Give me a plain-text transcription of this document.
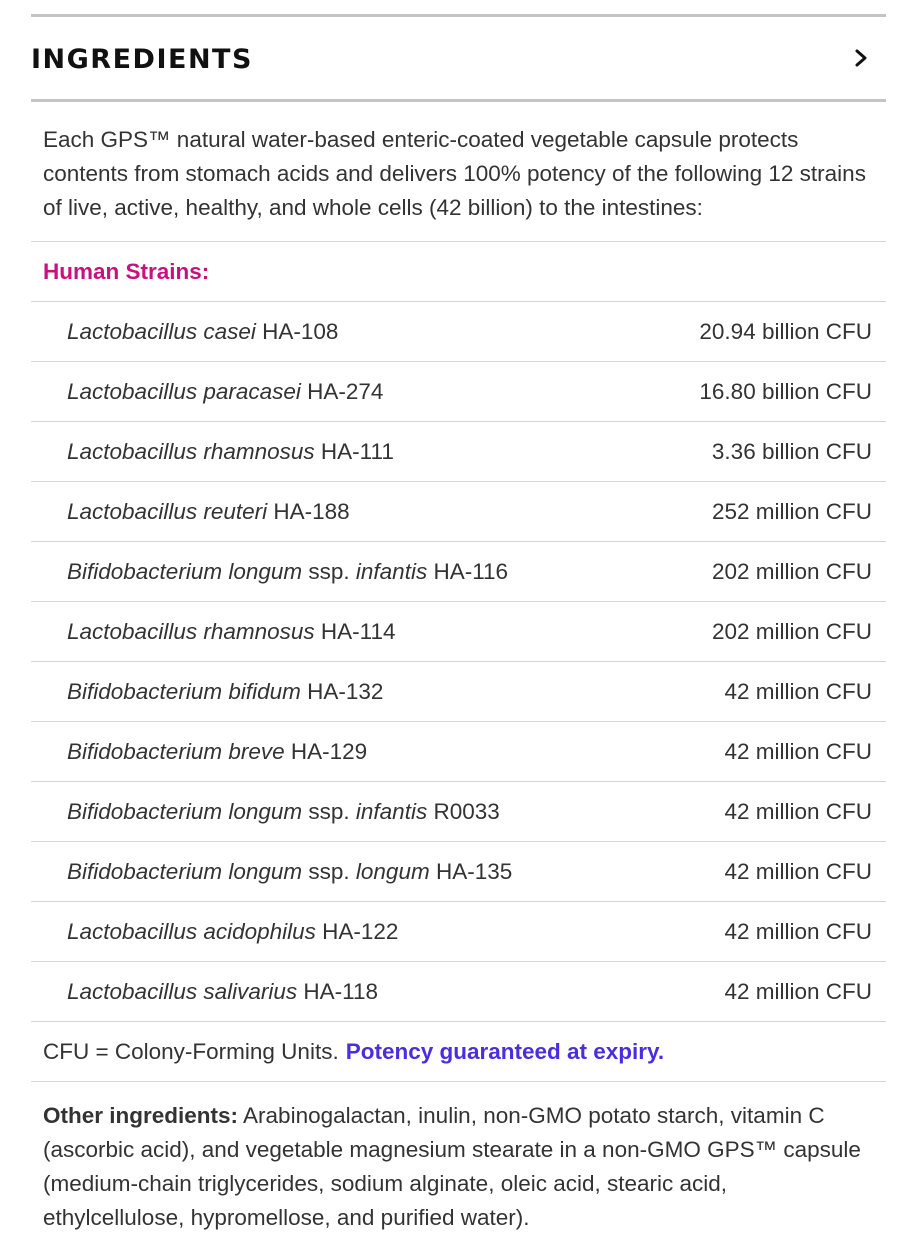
INGREDIENTS
Each GPS™ natural water-based enteric-coated vegetable capsule protects contents from stomach acids and delivers 100% potency of the following 12 strains of live, active, healthy, and whole cells (42 billion) to the intestines:
Human Strains:
Lactobacillus casei HA-108	20.94 billion CFU
Lactobacillus paracasei HA-274	16.80 billion CFU
Lactobacillus rhamnosus HA-111	3.36 billion CFU
Lactobacillus reuteri HA-188	252 million CFU
Bifidobacterium longum ssp. infantis HA-116	202 million CFU
Lactobacillus rhamnosus HA-114	202 million CFU
Bifidobacterium bifidum HA-132	42 million CFU
Bifidobacterium breve HA-129	42 million CFU
Bifidobacterium longum ssp. infantis R0033	42 million CFU
Bifidobacterium longum ssp. longum HA-135	42 million CFU
Lactobacillus acidophilus HA-122	42 million CFU
Lactobacillus salivarius HA-118	42 million CFU
CFU = Colony-Forming Units. Potency guaranteed at expiry.
Other ingredients: Arabinogalactan, inulin, non-GMO potato starch, vitamin C (ascorbic acid), and vegetable magnesium stearate in a non-GMO GPS™ capsule (medium-chain triglycerides, sodium alginate, oleic acid, stearic acid, ethylcellulose, hypromellose, and purified water).
